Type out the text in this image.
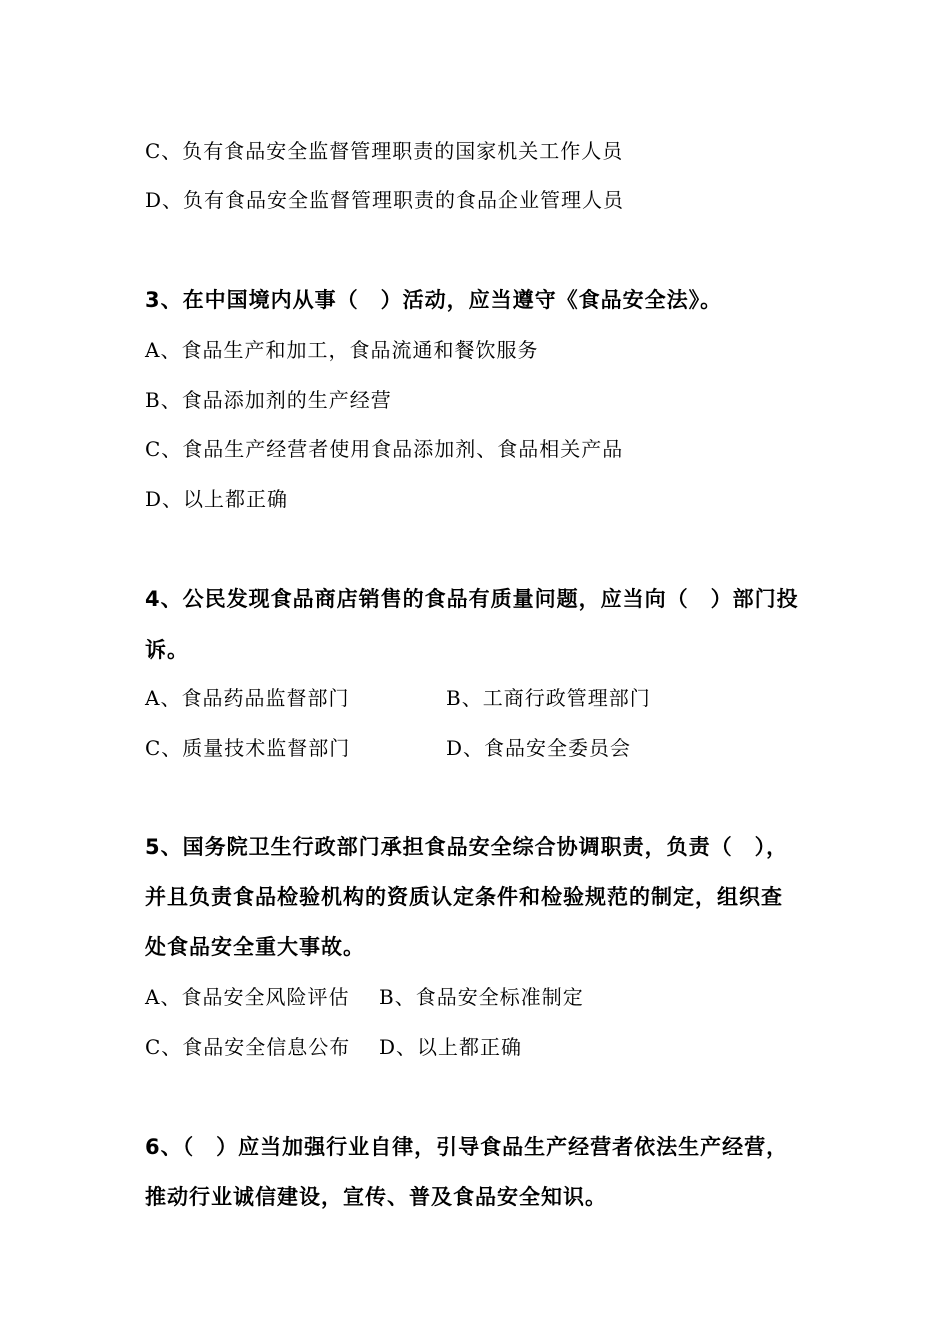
C、负有食品安全监督管理职责的国家机关工作人员
D、负有食品安全监督管理职责的食品企业管理人员
3、在中国境内从事（　）活动，应当遵守《食品安全法》。
A、食品生产和加工，食品流通和餐饮服务
B、食品添加剂的生产经营
C、食品生产经营者使用食品添加剂、食品相关产品
D、以上都正确
4、公民发现食品商店销售的食品有质量问题，应当向（　）部门投
诉。
A、食品药品监督部门	B、工商行政管理部门
C、质量技术监督部门	D、食品安全委员会
5、国务院卫生行政部门承担食品安全综合协调职责，负责（　），
并且负责食品检验机构的资质认定条件和检验规范的制定，组织查
处食品安全重大事故。
A、食品安全风险评估 B、食品安全标准制定
C、食品安全信息公布 D、以上都正确
6、（　）应当加强行业自律，引导食品生产经营者依法生产经营，
推动行业诚信建设，宣传、普及食品安全知识。
